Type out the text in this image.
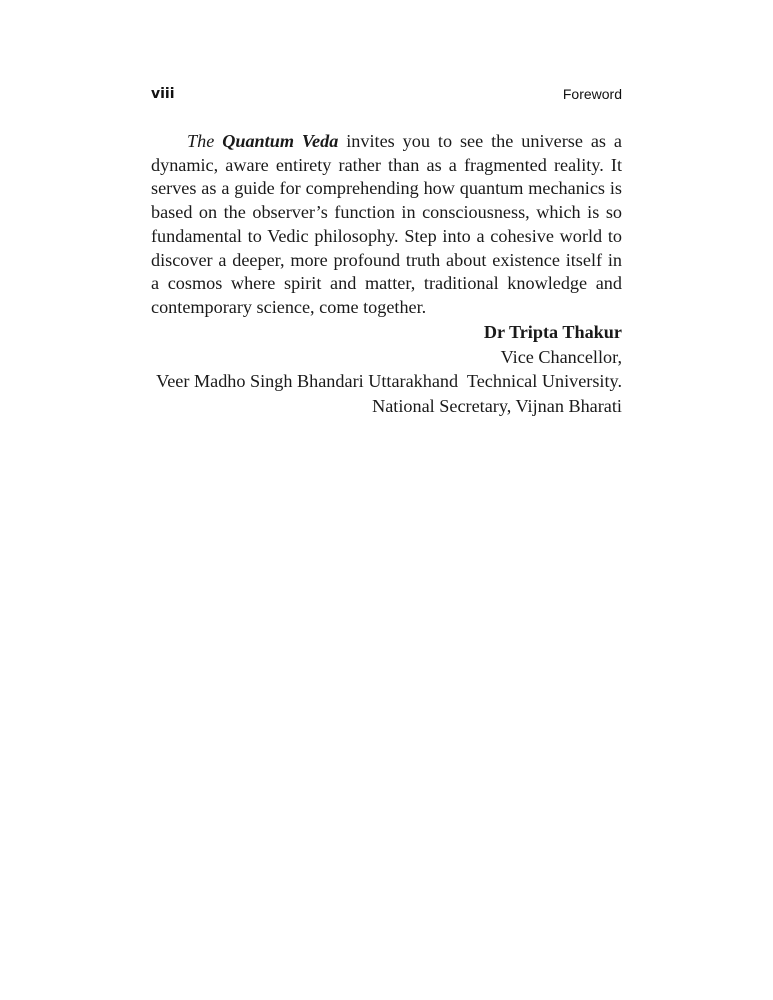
viii	Foreword

The Quantum Veda invites you to see the universe as a dynamic, aware entirety rather than as a fragmented reality. It serves as a guide for comprehending how quantum mechanics is based on the observer’s function in consciousness, which is so fundamental to Vedic philosophy. Step into a cohesive world to discover a deeper, more profound truth about existence itself in a cosmos where spirit and matter, traditional knowledge and contemporary science, come together.

Dr Tripta Thakur
Vice Chancellor,
Veer Madho Singh Bhandari Uttarakhand  Technical University.
National Secretary, Vijnan Bharati
